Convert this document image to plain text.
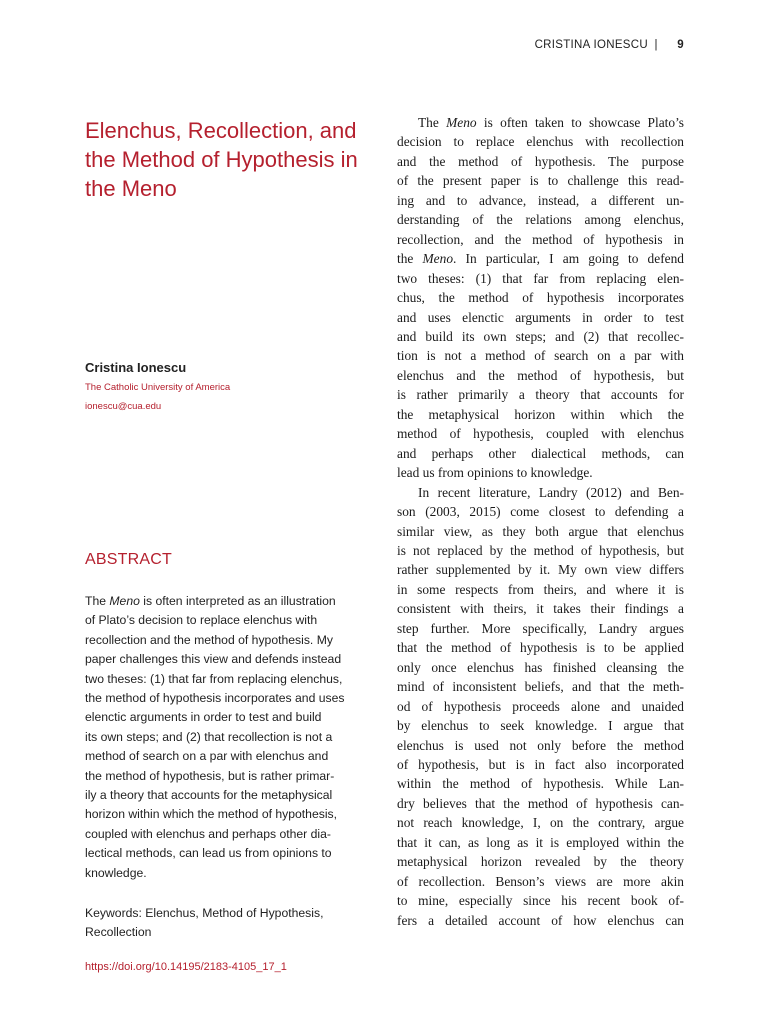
CRISTINA IONESCU | 9
Elenchus, Recollection, and the Method of Hypothesis in the Meno
Cristina Ionescu
The Catholic University of America
ionescu@cua.edu
ABSTRACT
The Meno is often interpreted as an illustration
of Plato’s decision to replace elenchus with
recollection and the method of hypothesis. My
paper challenges this view and defends instead
two theses: (1) that far from replacing elenchus,
the method of hypothesis incorporates and uses
elenctic arguments in order to test and build
its own steps; and (2) that recollection is not a
method of search on a par with elenchus and
the method of hypothesis, but is rather primar-
ily a theory that accounts for the metaphysical
horizon within which the method of hypothesis,
coupled with elenchus and perhaps other dia-
lectical methods, can lead us from opinions to
knowledge.
Keywords: Elenchus, Method of Hypothesis,
Recollection
https://doi.org/10.14195/2183-4105_17_1
The Meno is often taken to showcase Plato’s
decision to replace elenchus with recollection
and the method of hypothesis. The purpose
of the present paper is to challenge this read-
ing and to advance, instead, a different un-
derstanding of the relations among elenchus,
recollection, and the method of hypothesis in
the Meno. In particular, I am going to defend
two theses: (1) that far from replacing elen-
chus, the method of hypothesis incorporates
and uses elenctic arguments in order to test
and build its own steps; and (2) that recollec-
tion is not a method of search on a par with
elenchus and the method of hypothesis, but
is rather primarily a theory that accounts for
the metaphysical horizon within which the
method of hypothesis, coupled with elenchus
and perhaps other dialectical methods, can
lead us from opinions to knowledge.
In recent literature, Landry (2012) and Ben-
son (2003, 2015) come closest to defending a
similar view, as they both argue that elenchus
is not replaced by the method of hypothesis, but
rather supplemented by it. My own view differs
in some respects from theirs, and where it is
consistent with theirs, it takes their findings a
step further. More specifically, Landry argues
that the method of hypothesis is to be applied
only once elenchus has finished cleansing the
mind of inconsistent beliefs, and that the meth-
od of hypothesis proceeds alone and unaided
by elenchus to seek knowledge. I argue that
elenchus is used not only before the method
of hypothesis, but is in fact also incorporated
within the method of hypothesis. While Lan-
dry believes that the method of hypothesis can-
not reach knowledge, I, on the contrary, argue
that it can, as long as it is employed within the
metaphysical horizon revealed by the theory
of recollection. Benson’s views are more akin
to mine, especially since his recent book of-
fers a detailed account of how elenchus can
